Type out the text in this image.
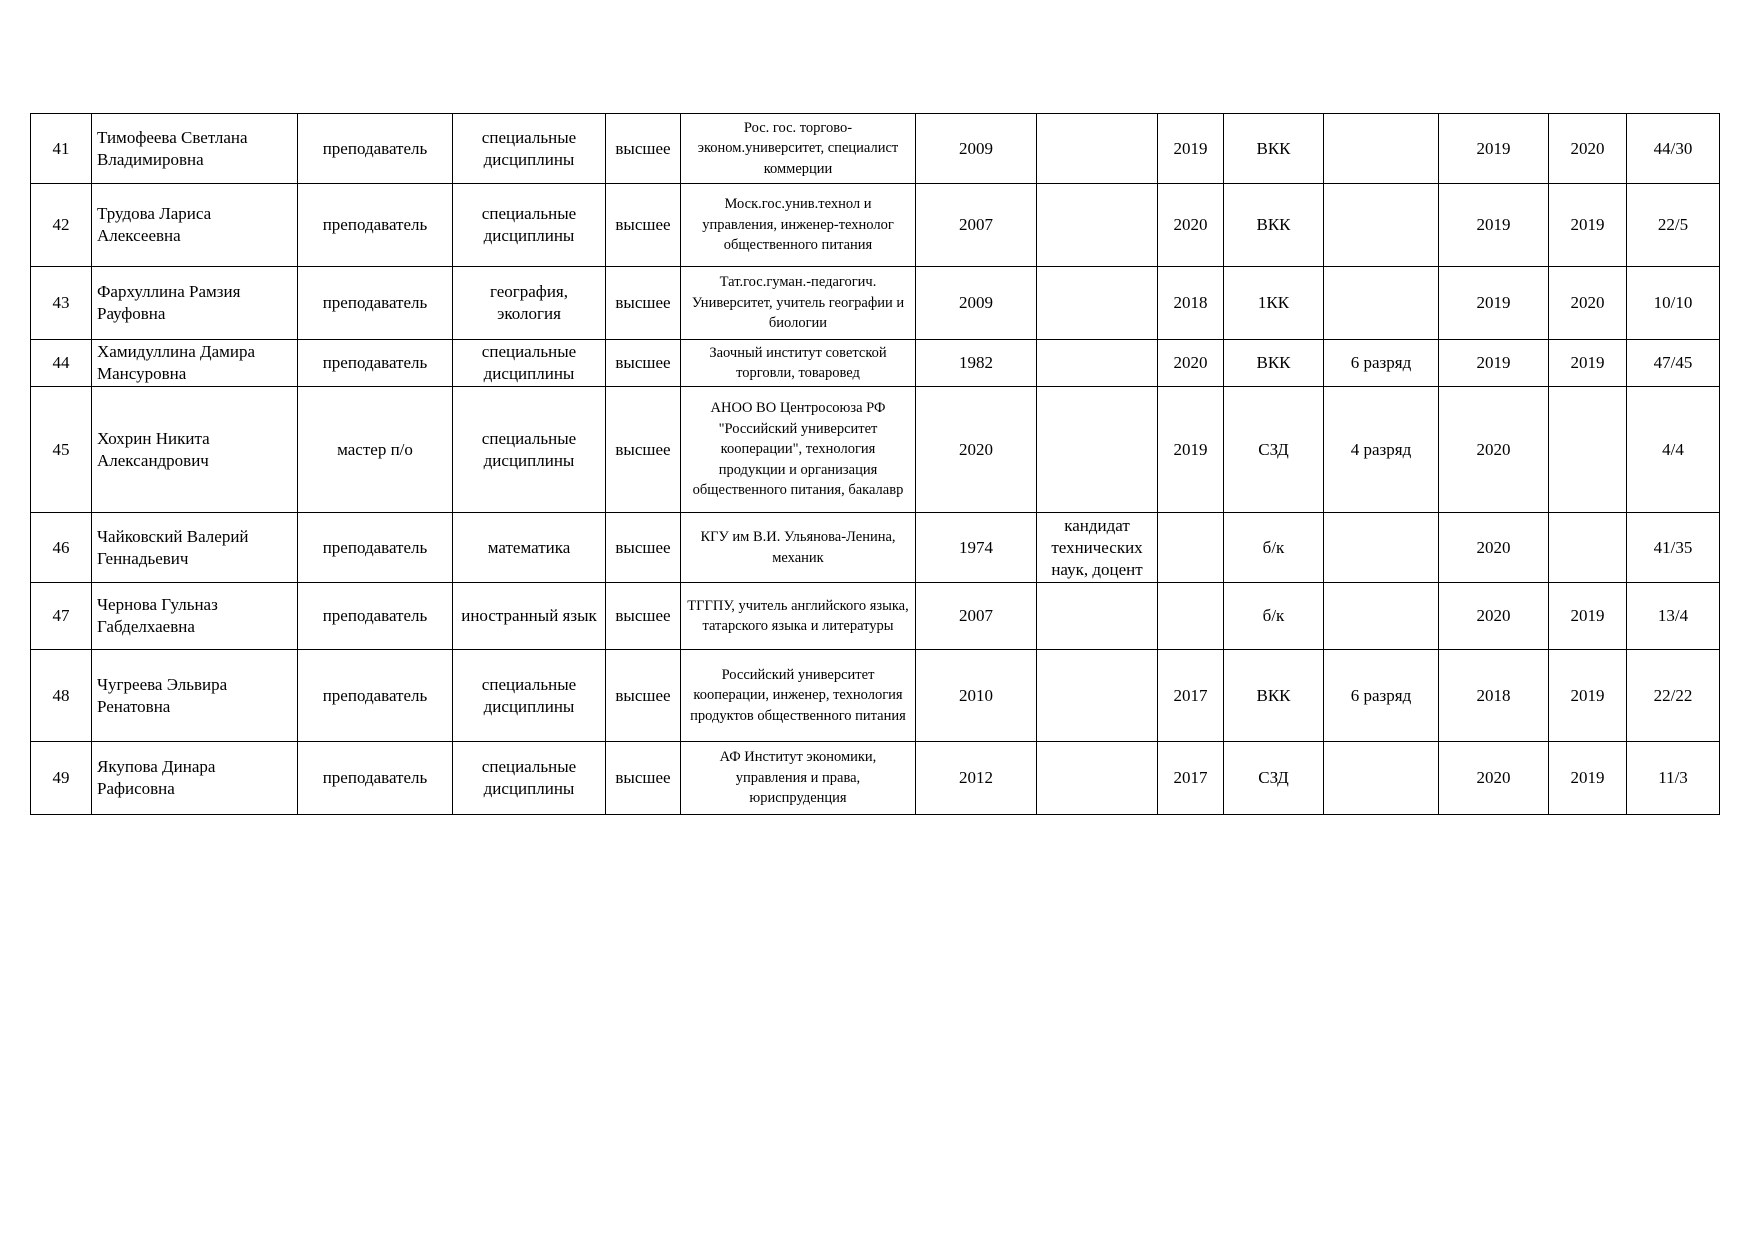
41	Тимофеева Светлана Владимировна	преподаватель	специальные дисциплины	высшее	Рос. гос. торгово-эконом.университет, специалист коммерции	2009		2019	ВКК		2019	2020	44/30
42	Трудова Лариса Алексеевна	преподаватель	специальные дисциплины	высшее	Моск.гос.унив.технол и управления, инженер-технолог общественного питания	2007		2020	ВКК		2019	2019	22/5
43	Фархуллина Рамзия Рауфовна	преподаватель	география, экология	высшее	Тат.гос.гуман.-педагогич. Университет, учитель географии и биологии	2009		2018	1КК		2019	2020	10/10
44	Хамидуллина Дамира Мансуровна	преподаватель	специальные дисциплины	высшее	Заочный институт советской торговли, товаровед	1982		2020	ВКК	6 разряд	2019	2019	47/45
45	Хохрин Никита Александрович	мастер п/о	специальные дисциплины	высшее	АНОО ВО Центросоюза РФ "Российский университет кооперации", технология продукции и организация общественного питания, бакалавр	2020		2019	СЗД	4 разряд	2020		4/4
46	Чайковский Валерий Геннадьевич	преподаватель	математика	высшее	КГУ им В.И. Ульянова-Ленина, механик	1974	кандидат технических наук, доцент		б/к		2020		41/35
47	Чернова Гульназ Габделхаевна	преподаватель	иностранный язык	высшее	ТГГПУ, учитель английского языка, татарского языка и литературы	2007			б/к		2020	2019	13/4
48	Чугреева Эльвира Ренатовна	преподаватель	специальные дисциплины	высшее	Российский университет кооперации, инженер, технология продуктов общественного питания	2010		2017	ВКК	6 разряд	2018	2019	22/22
49	Якупова Динара Рафисовна	преподаватель	специальные дисциплины	высшее	АФ Институт экономики, управления и права, юриспруденция	2012		2017	СЗД		2020	2019	11/3
